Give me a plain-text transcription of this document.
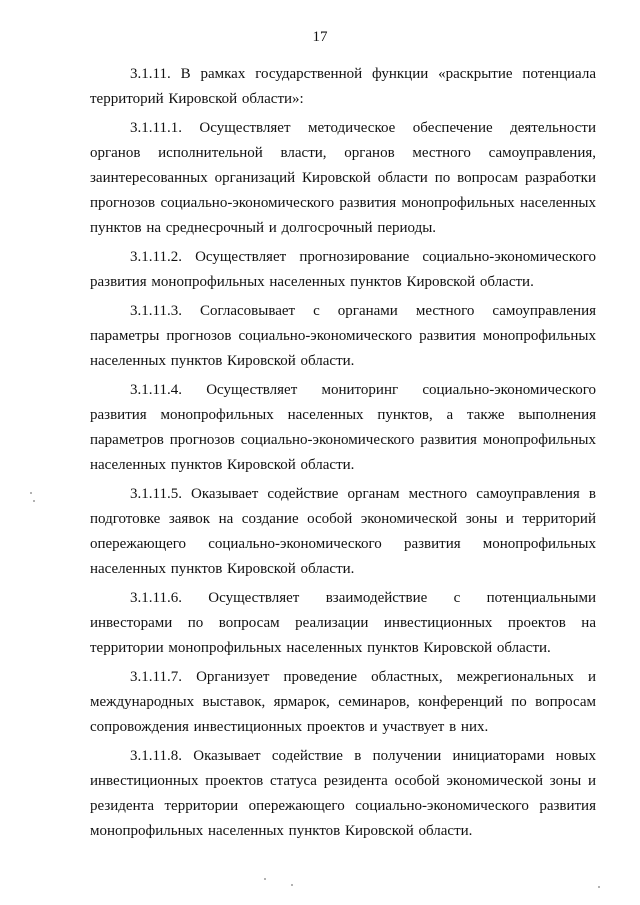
17

3.1.11. В рамках государственной функции «раскрытие потенциала территорий Кировской области»:

3.1.11.1. Осуществляет методическое обеспечение деятельности органов исполнительной власти, органов местного самоуправления, заинтересованных организаций Кировской области по вопросам разработки прогнозов социально-экономического развития монопрофильных населенных пунктов на среднесрочный и долгосрочный периоды.

3.1.11.2. Осуществляет прогнозирование социально-экономического развития монопрофильных населенных пунктов Кировской области.

3.1.11.3. Согласовывает с органами местного самоуправления параметры прогнозов социально-экономического развития монопрофильных населенных пунктов Кировской области.

3.1.11.4. Осуществляет мониторинг социально-экономического развития монопрофильных населенных пунктов, а также выполнения параметров прогнозов социально-экономического развития монопрофильных населенных пунктов Кировской области.

3.1.11.5. Оказывает содействие органам местного самоуправления в подготовке заявок на создание особой экономической зоны и территорий опережающего социально-экономического развития монопрофильных населенных пунктов Кировской области.

3.1.11.6. Осуществляет взаимодействие с потенциальными инвесторами по вопросам реализации инвестиционных проектов на территории монопрофильных населенных пунктов Кировской области.

3.1.11.7. Организует проведение областных, межрегиональных и международных выставок, ярмарок, семинаров, конференций по вопросам сопровождения инвестиционных проектов и участвует в них.

3.1.11.8. Оказывает содействие в получении инициаторами новых инвестиционных проектов статуса резидента особой экономической зоны и резидента территории опережающего социально-экономического развития монопрофильных населенных пунктов Кировской области.
